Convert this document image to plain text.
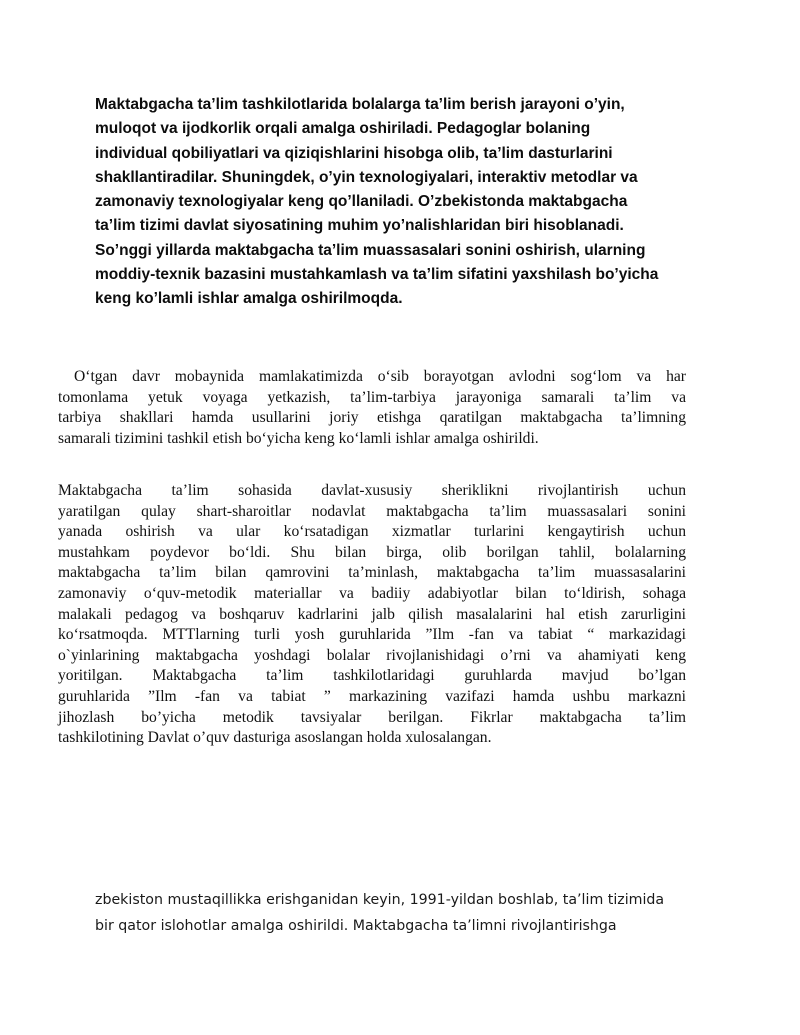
Maktabgacha ta’lim tashkilotlarida bolalarga ta’lim berish jarayoni o’yin,
muloqot va ijodkorlik orqali amalga oshiriladi. Pedagoglar bolaning
individual qobiliyatlari va qiziqishlarini hisobga olib, ta’lim dasturlarini
shakllantiradilar. Shuningdek, o’yin texnologiyalari, interaktiv metodlar va
zamonaviy texnologiyalar keng qo’llaniladi. O’zbekistonda maktabgacha
ta’lim tizimi davlat siyosatining muhim yo’nalishlaridan biri hisoblanadi.
So’nggi yillarda maktabgacha ta’lim muassasalari sonini oshirish, ularning
moddiy-texnik bazasini mustahkamlash va ta’lim sifatini yaxshilash bo’yicha
keng ko’lamli ishlar amalga oshirilmoqda.
O‘tgan davr mobaynida mamlakatimizda o‘sib borayotgan avlodni sog‘lom va har
tomonlama yetuk voyaga yetkazish, ta’lim-tarbiya jarayoniga samarali ta’lim va
tarbiya shakllari hamda usullarini joriy etishga qaratilgan maktabgacha ta’limning
samarali tizimini tashkil etish bo‘yicha keng ko‘lamli ishlar amalga oshirildi.
Maktabgacha ta’lim sohasida davlat-xususiy sheriklikni rivojlantirish uchun
yaratilgan qulay shart-sharoitlar nodavlat maktabgacha ta’lim muassasalari sonini
yanada oshirish va ular ko‘rsatadigan xizmatlar turlarini kengaytirish uchun
mustahkam poydevor bo‘ldi. Shu bilan birga, olib borilgan tahlil, bolalarning
maktabgacha ta’lim bilan qamrovini ta’minlash, maktabgacha ta’lim muassasalarini
zamonaviy o‘quv-metodik materiallar va badiiy adabiyotlar bilan to‘ldirish, sohaga
malakali pedagog va boshqaruv kadrlarini jalb qilish masalalarini hal etish zarurligini
ko‘rsatmoqda. MTTlarning turli yosh guruhlarida ”Ilm -fan va tabiat “ markazidagi
o`yinlarining maktabgacha yoshdagi bolalar rivojlanishidagi o’rni va ahamiyati keng
yoritilgan. Maktabgacha ta’lim tashkilotlaridagi guruhlarda mavjud bo’lgan
guruhlarida ”Ilm -fan va tabiat ” markazining vazifazi hamda ushbu markazni
jihozlash bo’yicha metodik tavsiyalar berilgan. Fikrlar maktabgacha ta’lim
tashkilotining Davlat o’quv dasturiga asoslangan holda xulosalangan.
zbekiston mustaqillikka erishganidan keyin, 1991-yildan boshlab, ta’lim tizimida
bir qator islohotlar amalga oshirildi. Maktabgacha ta’limni rivojlantirishga
